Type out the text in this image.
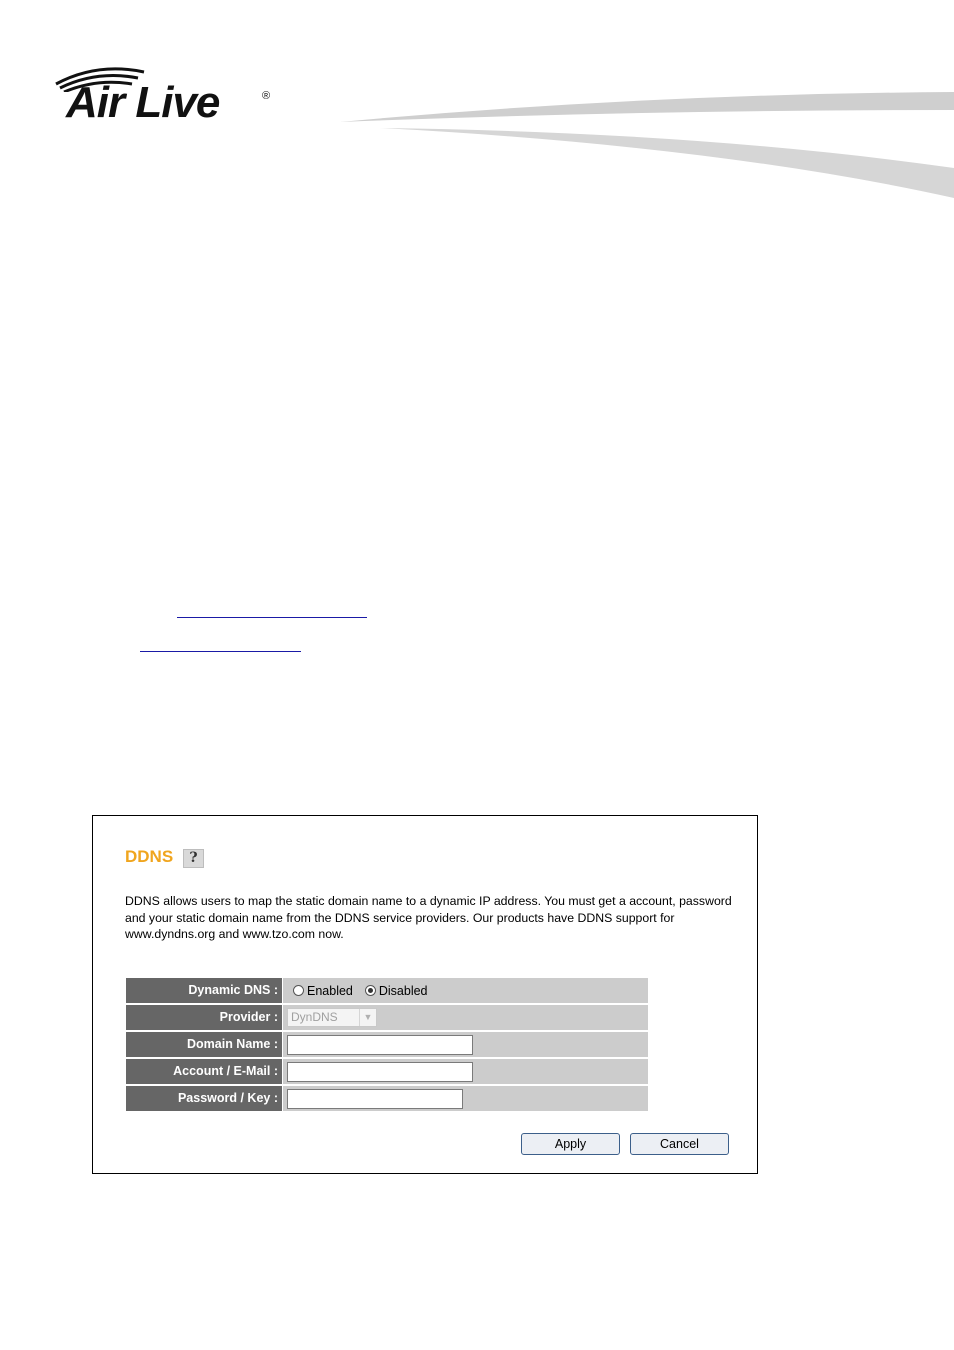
Air Live	®
DDNS	?
DDNS allows users to map the static domain name to a dynamic IP address. You must get a account, password and your static domain name from the DDNS service providers. Our products have DDNS support for www.dyndns.org and www.tzo.com now.
Dynamic DNS :	Enabled Disabled
Provider :	DynDNS	▼
Domain Name :
Account / E-Mail :
Password / Key :
Apply	Cancel
